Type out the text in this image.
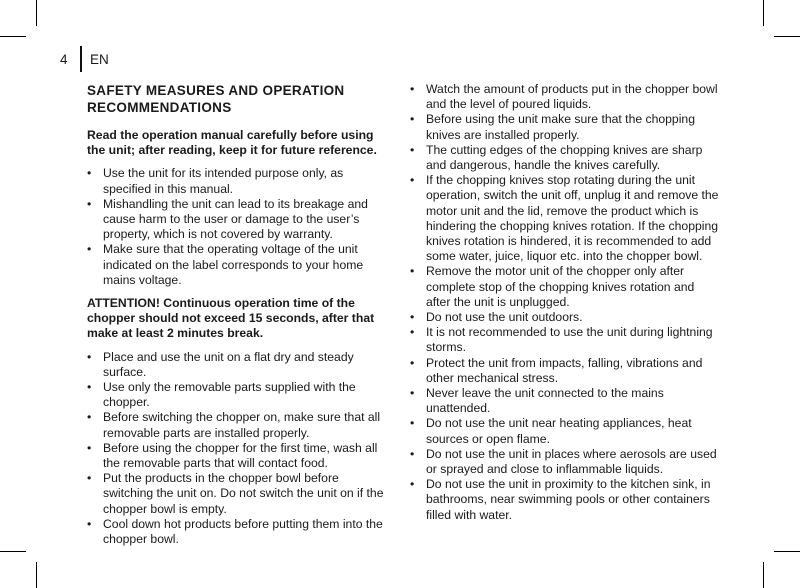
4	EN
SAFETY MEASURES AND OPERATION RECOMMENDATIONS

Read the operation manual carefully before using the unit; after reading, keep it for future reference.

• Use the unit for its intended purpose only, as specified in this manual.
• Mishandling the unit can lead to its breakage and cause harm to the user or damage to the user’s property, which is not covered by warranty.
• Make sure that the operating voltage of the unit indicated on the label corresponds to your home mains voltage.

ATTENTION! Continuous operation time of the chopper should not exceed 15 seconds, after that make at least 2 minutes break.

• Place and use the unit on a flat dry and steady surface.
• Use only the removable parts supplied with the chopper.
• Before switching the chopper on, make sure that all removable parts are installed properly.
• Before using the chopper for the first time, wash all the removable parts that will contact food.
• Put the products in the chopper bowl before switching the unit on. Do not switch the unit on if the chopper bowl is empty.
• Cool down hot products before putting them into the chopper bowl.
• Watch the amount of products put in the chopper bowl and the level of poured liquids.
• Before using the unit make sure that the chopping knives are installed properly.
• The cutting edges of the chopping knives are sharp and dangerous, handle the knives carefully.
• If the chopping knives stop rotating during the unit operation, switch the unit off, unplug it and remove the motor unit and the lid, remove the product which is hindering the chopping knives rotation. If the chopping knives rotation is hindered, it is recommended to add some water, juice, liquor etc. into the chopper bowl.
• Remove the motor unit of the chopper only after complete stop of the chopping knives rotation and after the unit is unplugged.
• Do not use the unit outdoors.
• It is not recommended to use the unit during lightning storms.
• Protect the unit from impacts, falling, vibrations and other mechanical stress.
• Never leave the unit connected to the mains unattended.
• Do not use the unit near heating appliances, heat sources or open flame.
• Do not use the unit in places where aerosols are used or sprayed and close to inflammable liquids.
• Do not use the unit in proximity to the kitchen sink, in bathrooms, near swimming pools or other containers filled with water.
